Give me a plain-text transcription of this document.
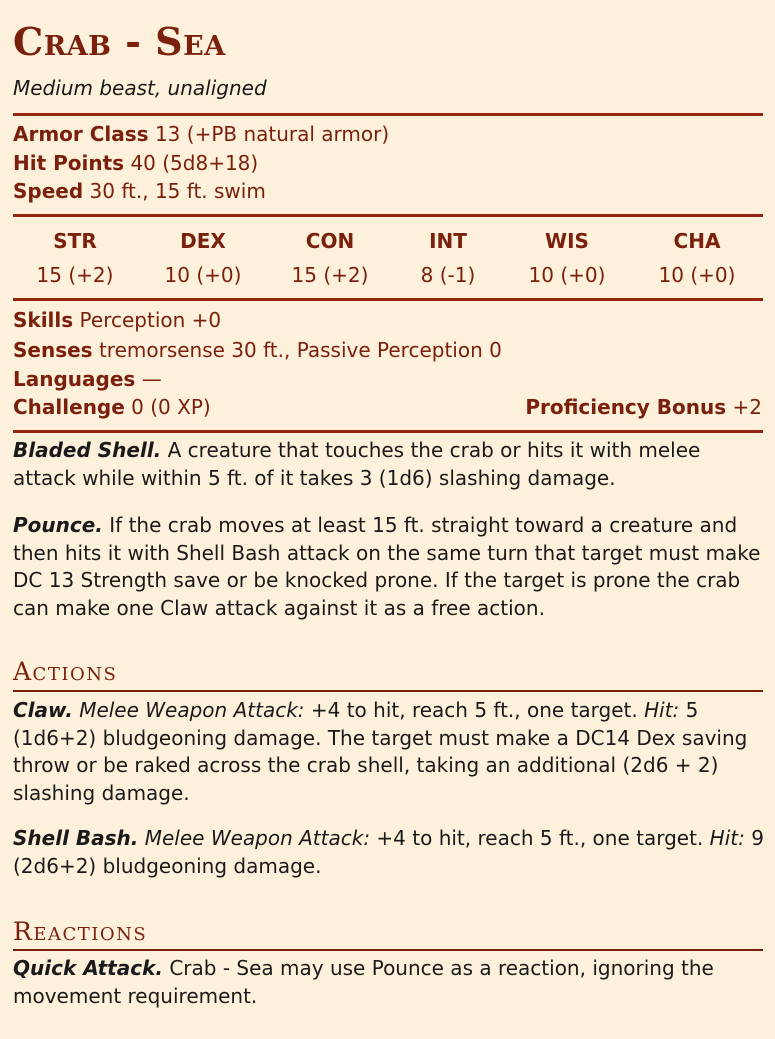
Crab - Sea
Medium beast, unaligned
Armor Class 13 (+PB natural armor)
Hit Points 40 (5d8+18)
Speed 30 ft., 15 ft. swim
STR	DEX	CON	INT	WIS	CHA
15 (+2)	10 (+0)	15 (+2)	8 (-1)	10 (+0)	10 (+0)
Skills Perception +0
Senses tremorsense 30 ft., Passive Perception 0
Languages —
Challenge 0 (0 XP)	Proficiency Bonus +2
Bladed Shell. A creature that touches the crab or hits it with melee attack while within 5 ft. of it takes 3 (1d6) slashing damage.
Pounce. If the crab moves at least 15 ft. straight toward a creature and then hits it with Shell Bash attack on the same turn that target must make DC 13 Strength save or be knocked prone. If the target is prone the crab can make one Claw attack against it as a free action.
Actions
Claw. Melee Weapon Attack: +4 to hit, reach 5 ft., one target. Hit: 5 (1d6+2) bludgeoning damage. The target must make a DC14 Dex saving throw or be raked across the crab shell, taking an additional (2d6 + 2) slashing damage.
Shell Bash. Melee Weapon Attack: +4 to hit, reach 5 ft., one target. Hit: 9 (2d6+2) bludgeoning damage.
Reactions
Quick Attack. Crab - Sea may use Pounce as a reaction, ignoring the movement requirement.
